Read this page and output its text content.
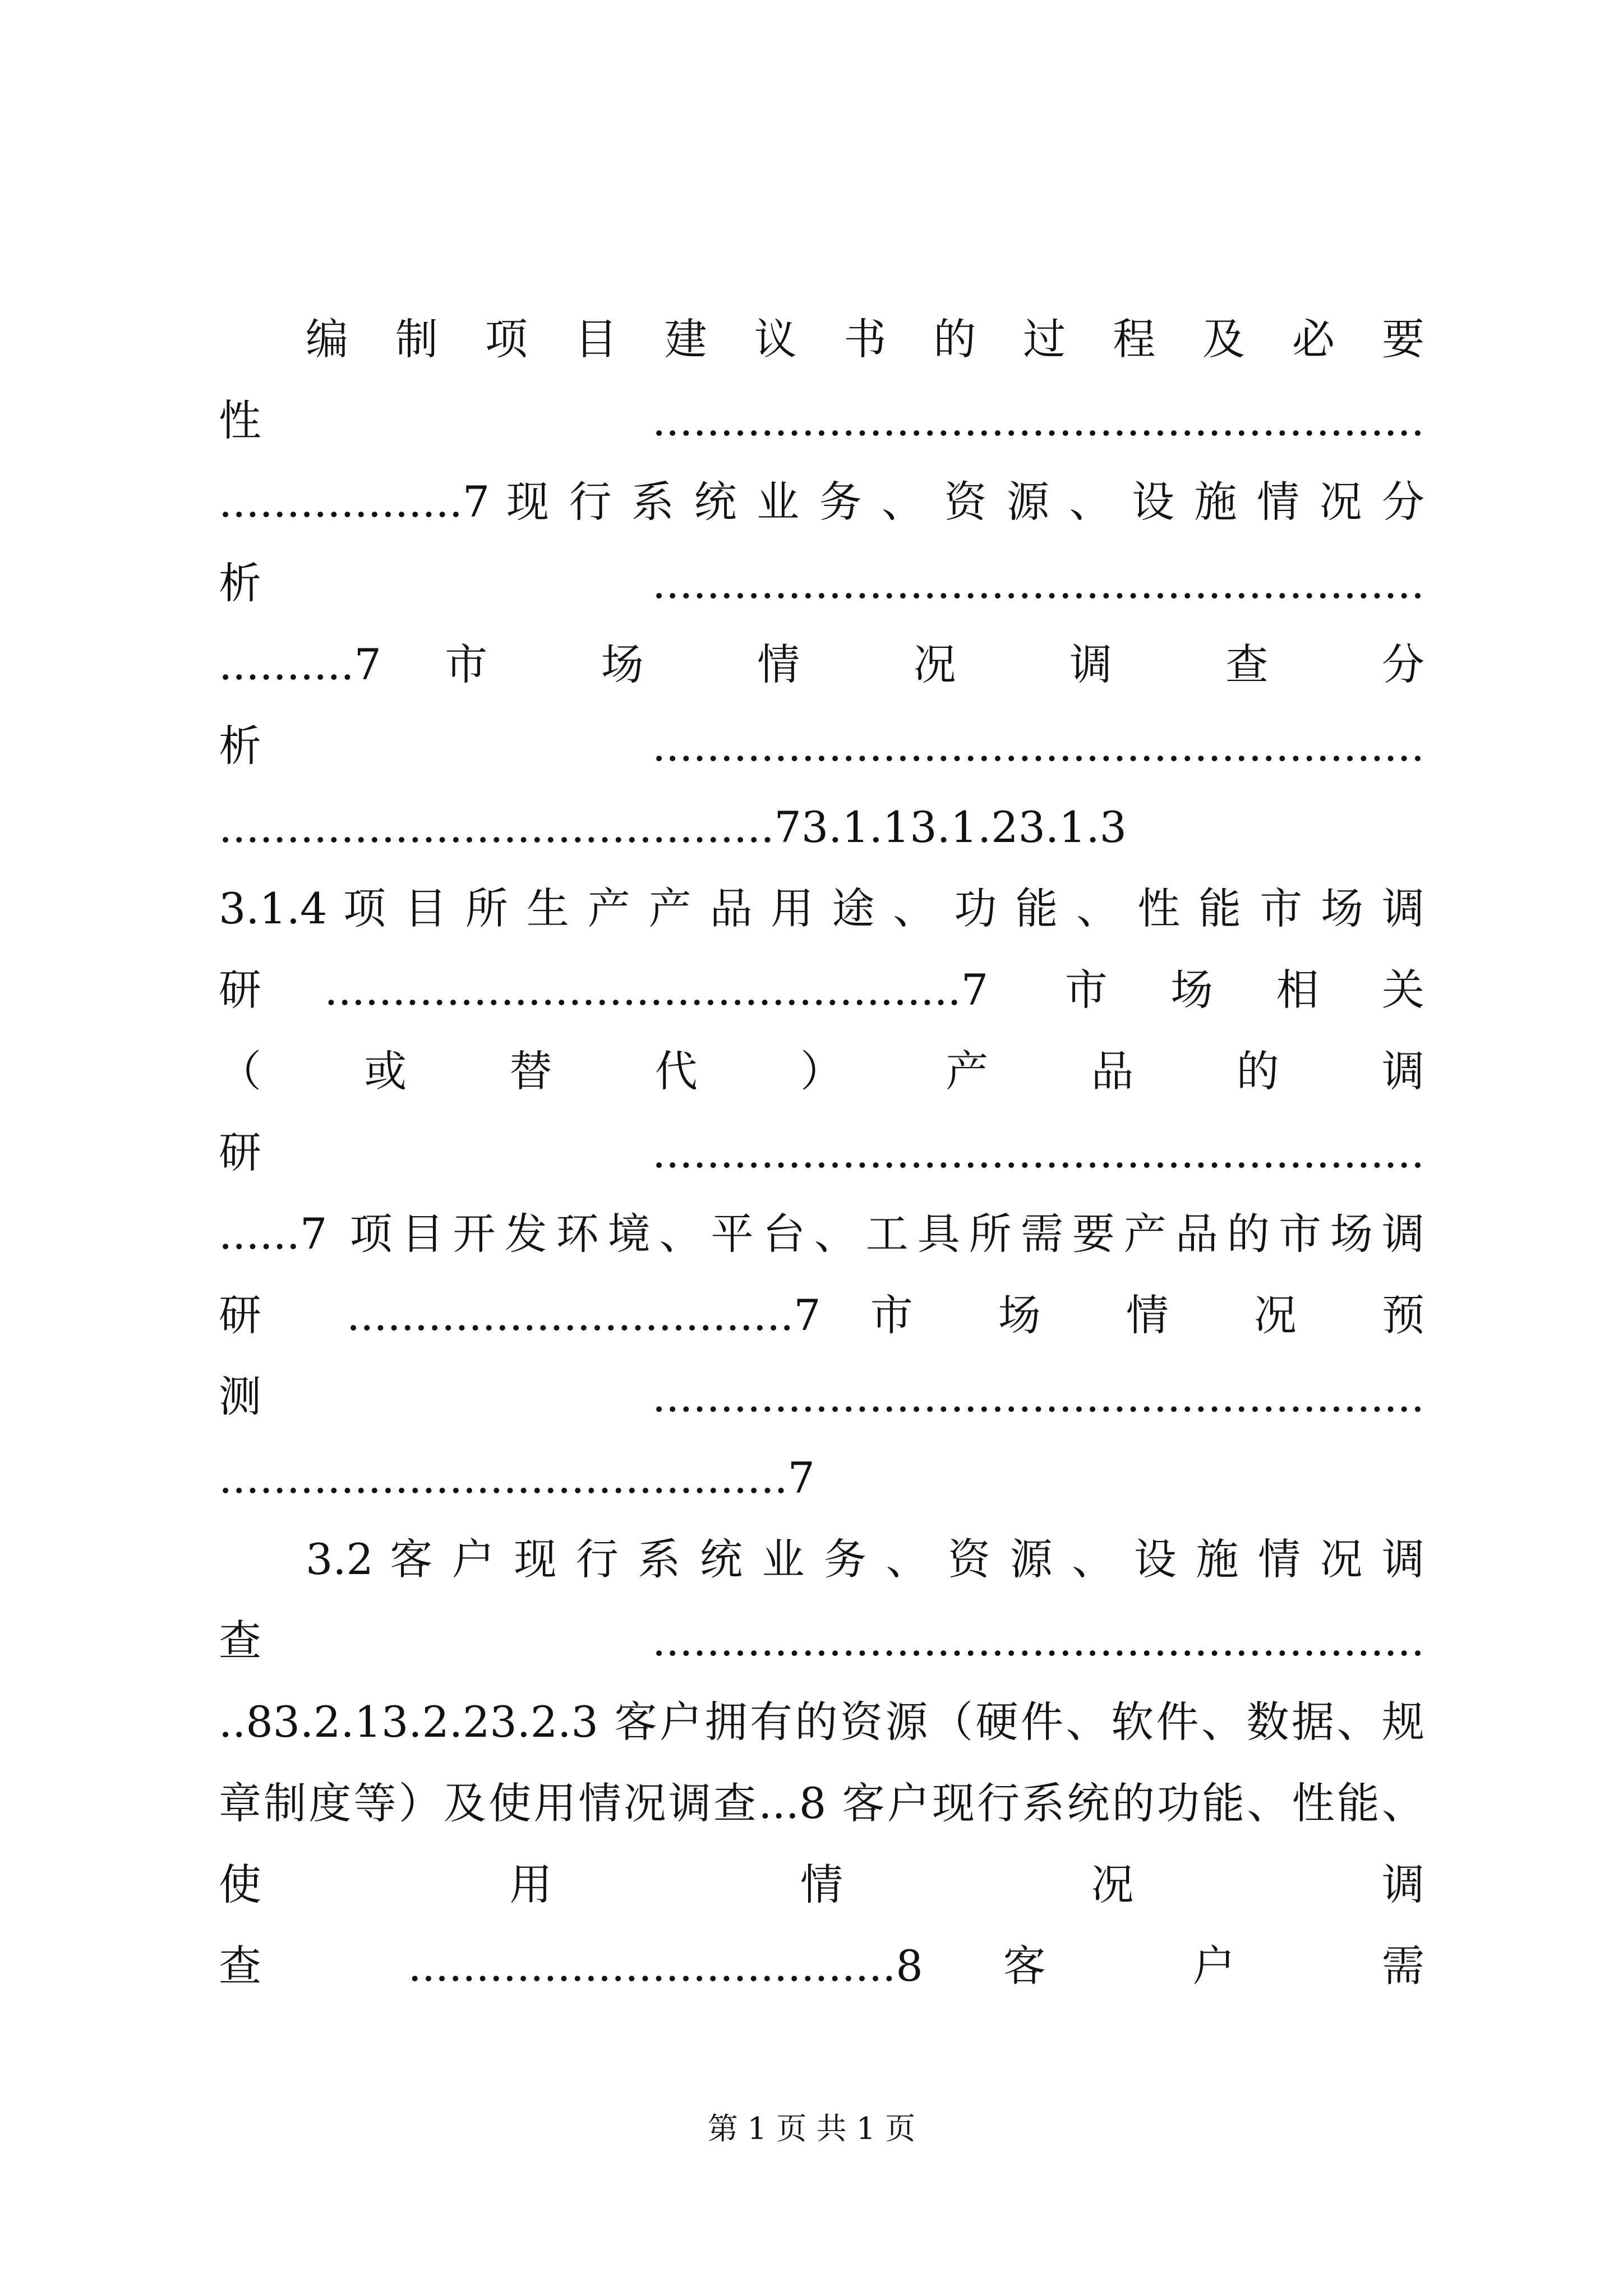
编 制 项 目 建 议 书 的 过 程 及 必 要
性.........................................................
..................7 现 行 系 统 业 务 、 资 源 、 设 施 情 况 分
析.........................................................
..........7 市 场 情 况 调 查 分
析.........................................................
.........................................73.1.13.1.23.1.3
3.1.4 项 目 所 生 产 产 品 用 途 、 功 能 、 性 能 市 场 调
研...............................................7 市场相关
（ 或 替 代 ） 产 品 的 调
研.........................................................
......7 项目开发环境、平台、工具所需要产品的市场调
研 .................................7 市 场 情 况 预
测.........................................................
..........................................7
3.2 客 户 现 行 系 统 业 务 、 资 源 、 设 施 情 况 调
查.........................................................
..83.2.13.2.23.2.3 客户拥有的资源（硬件、软件、数据、规
章制度等）及使用情况调查...8 客户现行系统的功能、性能、
使 用 情 况 调
查 ....................................8 客 户 需
第 1 页 共 1 页
